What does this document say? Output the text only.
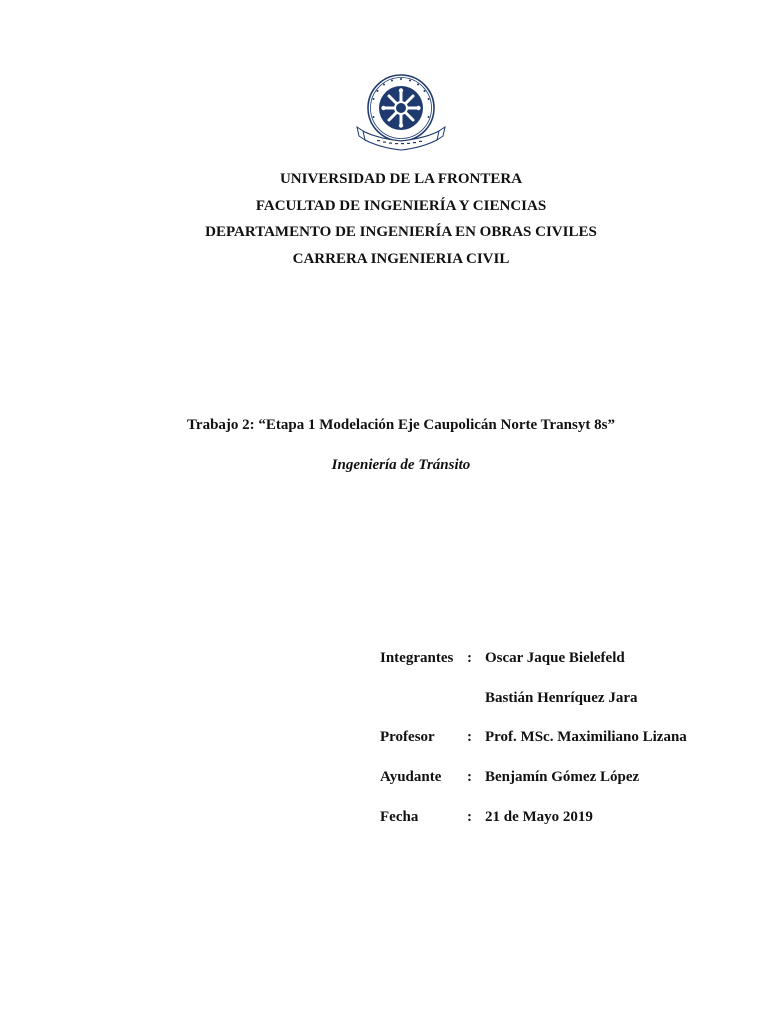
UNIVERSIDAD DE LA FRONTERA
FACULTAD DE INGENIERÍA Y CIENCIAS
DEPARTAMENTO DE INGENIERÍA EN OBRAS CIVILES
CARRERA INGENIERIA CIVIL
Trabajo 2: “Etapa 1 Modelación Eje Caupolicán Norte Transyt 8s”
Ingeniería de Tránsito
Integrantes : Oscar Jaque Bielefeld
Bastián Henríquez Jara
Profesor : Prof. MSc. Maximiliano Lizana
Ayudante : Benjamín Gómez López
Fecha	: 21 de Mayo 2019
